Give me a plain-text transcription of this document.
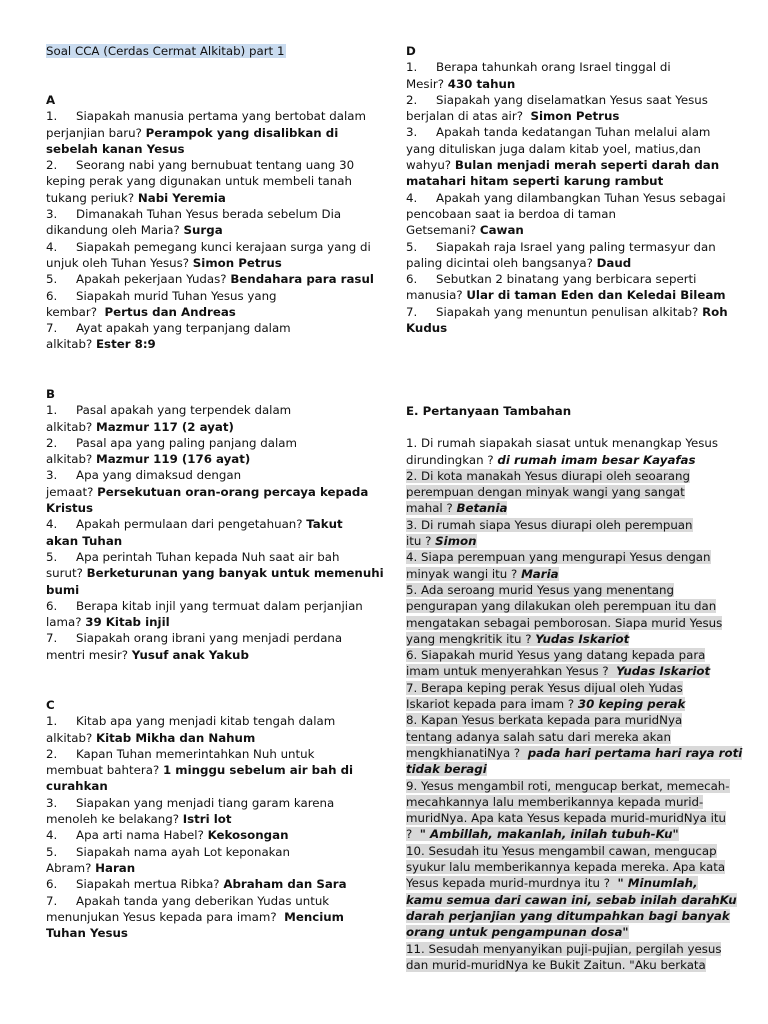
Soal CCA (Cerdas Cermat Alkitab) part 1
A
1.     Siapakah manusia pertama yang bertobat dalam
perjanjian baru? Perampok yang disalibkan di
sebelah kanan Yesus
2.     Seorang nabi yang bernubuat tentang uang 30
keping perak yang digunakan untuk membeli tanah
tukang periuk? Nabi Yeremia
3.     Dimanakah Tuhan Yesus berada sebelum Dia
dikandung oleh Maria? Surga
4.     Siapakah pemegang kunci kerajaan surga yang di
unjuk oleh Tuhan Yesus? Simon Petrus
5.     Apakah pekerjaan Yudas? Bendahara para rasul
6.     Siapakah murid Tuhan Yesus yang
kembar?  Pertus dan Andreas
7.     Ayat apakah yang terpanjang dalam
alkitab? Ester 8:9
B
1.     Pasal apakah yang terpendek dalam
alkitab? Mazmur 117 (2 ayat)
2.     Pasal apa yang paling panjang dalam
alkitab? Mazmur 119 (176 ayat)
3.     Apa yang dimaksud dengan
jemaat? Persekutuan oran-orang percaya kepada
Kristus
4.     Apakah permulaan dari pengetahuan? Takut
akan Tuhan
5.     Apa perintah Tuhan kepada Nuh saat air bah
surut? Berketurunan yang banyak untuk memenuhi
bumi
6.     Berapa kitab injil yang termuat dalam perjanjian
lama? 39 Kitab injil
7.     Siapakah orang ibrani yang menjadi perdana
mentri mesir? Yusuf anak Yakub
C
1.     Kitab apa yang menjadi kitab tengah dalam
alkitab? Kitab Mikha dan Nahum
2.     Kapan Tuhan memerintahkan Nuh untuk
membuat bahtera? 1 minggu sebelum air bah di
curahkan
3.     Siapakan yang menjadi tiang garam karena
menoleh ke belakang? Istri lot
4.     Apa arti nama Habel? Kekosongan
5.     Siapakah nama ayah Lot keponakan
Abram? Haran
6.     Siapakah mertua Ribka? Abraham dan Sara
7.     Apakah tanda yang deberikan Yudas untuk
menunjukan Yesus kepada para imam?  Mencium
Tuhan Yesus
D
1.     Berapa tahunkah orang Israel tinggal di
Mesir? 430 tahun
2.     Siapakah yang diselamatkan Yesus saat Yesus
berjalan di atas air?  Simon Petrus
3.     Apakah tanda kedatangan Tuhan melalui alam
yang dituliskan juga dalam kitab yoel, matius,dan
wahyu? Bulan menjadi merah seperti darah dan
matahari hitam seperti karung rambut
4.     Apakah yang dilambangkan Tuhan Yesus sebagai
pencobaan saat ia berdoa di taman
Getsemani? Cawan
5.     Siapakah raja Israel yang paling termasyur dan
paling dicintai oleh bangsanya? Daud
6.     Sebutkan 2 binatang yang berbicara seperti
manusia? Ular di taman Eden dan Keledai Bileam
7.     Siapakah yang menuntun penulisan alkitab? Roh
Kudus
E. Pertanyaan Tambahan
1. Di rumah siapakah siasat untuk menangkap Yesus
dirundingkan ? di rumah imam besar Kayafas
2. Di kota manakah Yesus diurapi oleh seoarang
perempuan dengan minyak wangi yang sangat
mahal ? Betania
3. Di rumah siapa Yesus diurapi oleh perempuan
itu ? Simon
4. Siapa perempuan yang mengurapi Yesus dengan
minyak wangi itu ? Maria
5. Ada seroang murid Yesus yang menentang
pengurapan yang dilakukan oleh perempuan itu dan
mengatakan sebagai pemborosan. Siapa murid Yesus
yang mengkritik itu ? Yudas Iskariot
6. Siapakah murid Yesus yang datang kepada para
imam untuk menyerahkan Yesus ?  Yudas Iskariot
7. Berapa keping perak Yesus dijual oleh Yudas
Iskariot kepada para imam ? 30 keping perak
8. Kapan Yesus berkata kepada para muridNya
tentang adanya salah satu dari mereka akan
mengkhianatiNya ?  pada hari pertama hari raya roti
tidak beragi
9. Yesus mengambil roti, mengucap berkat, memecah-
mecahkannya lalu memberikannya kepada murid-
muridNya. Apa kata Yesus kepada murid-muridNya itu
?  " Ambillah, makanlah, inilah tubuh-Ku"
10. Sesudah itu Yesus mengambil cawan, mengucap
syukur lalu memberikannya kepada mereka. Apa kata
Yesus kepada murid-murdnya itu ?  " Minumlah,
kamu semua dari cawan ini, sebab inilah darahKu
darah perjanjian yang ditumpahkan bagi banyak
orang untuk pengampunan dosa"
11. Sesudah menyanyikan puji-pujian, pergilah yesus
dan murid-muridNya ke Bukit Zaitun. "Aku berkata
